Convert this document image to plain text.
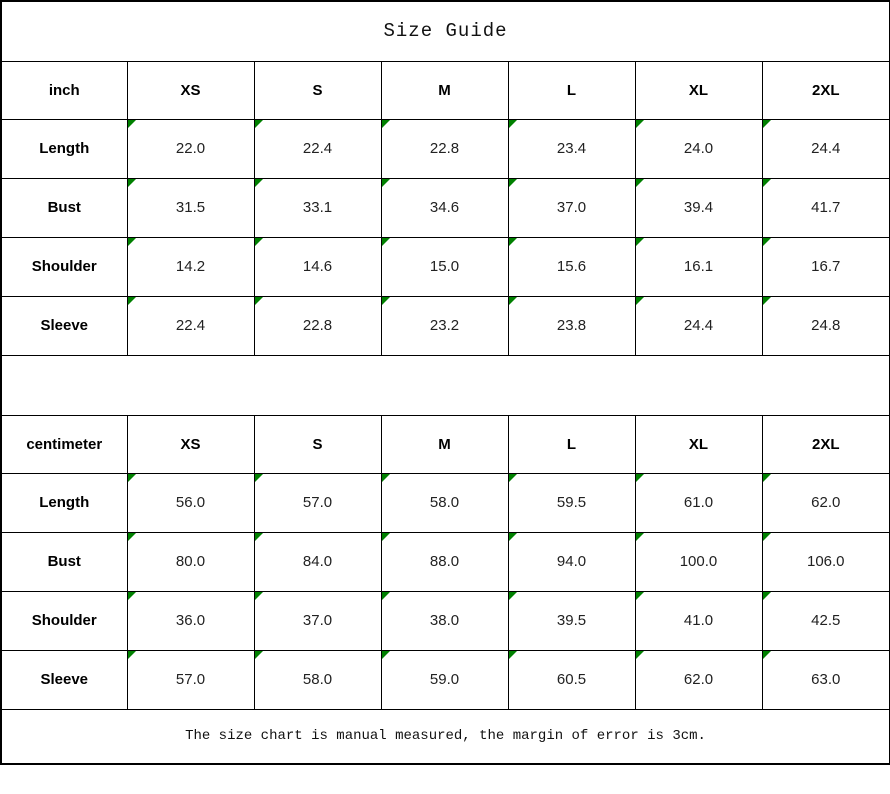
Size Guide						
inch	XS	S	M	L	XL	2XL
Length	22.0	22.4	22.8	23.4	24.0	24.4
Bust	31.5	33.1	34.6	37.0	39.4	41.7
Shoulder	14.2	14.6	15.0	15.6	16.1	16.7
Sleeve	22.4	22.8	23.2	23.8	24.4	24.8

centimeter	XS	S	M	L	XL	2XL
Length	56.0	57.0	58.0	59.5	61.0	62.0
Bust	80.0	84.0	88.0	94.0	100.0	106.0
Shoulder	36.0	37.0	38.0	39.5	41.0	42.5
Sleeve	57.0	58.0	59.0	60.5	62.0	63.0
The size chart is manual measured, the margin of error is 3cm.						
